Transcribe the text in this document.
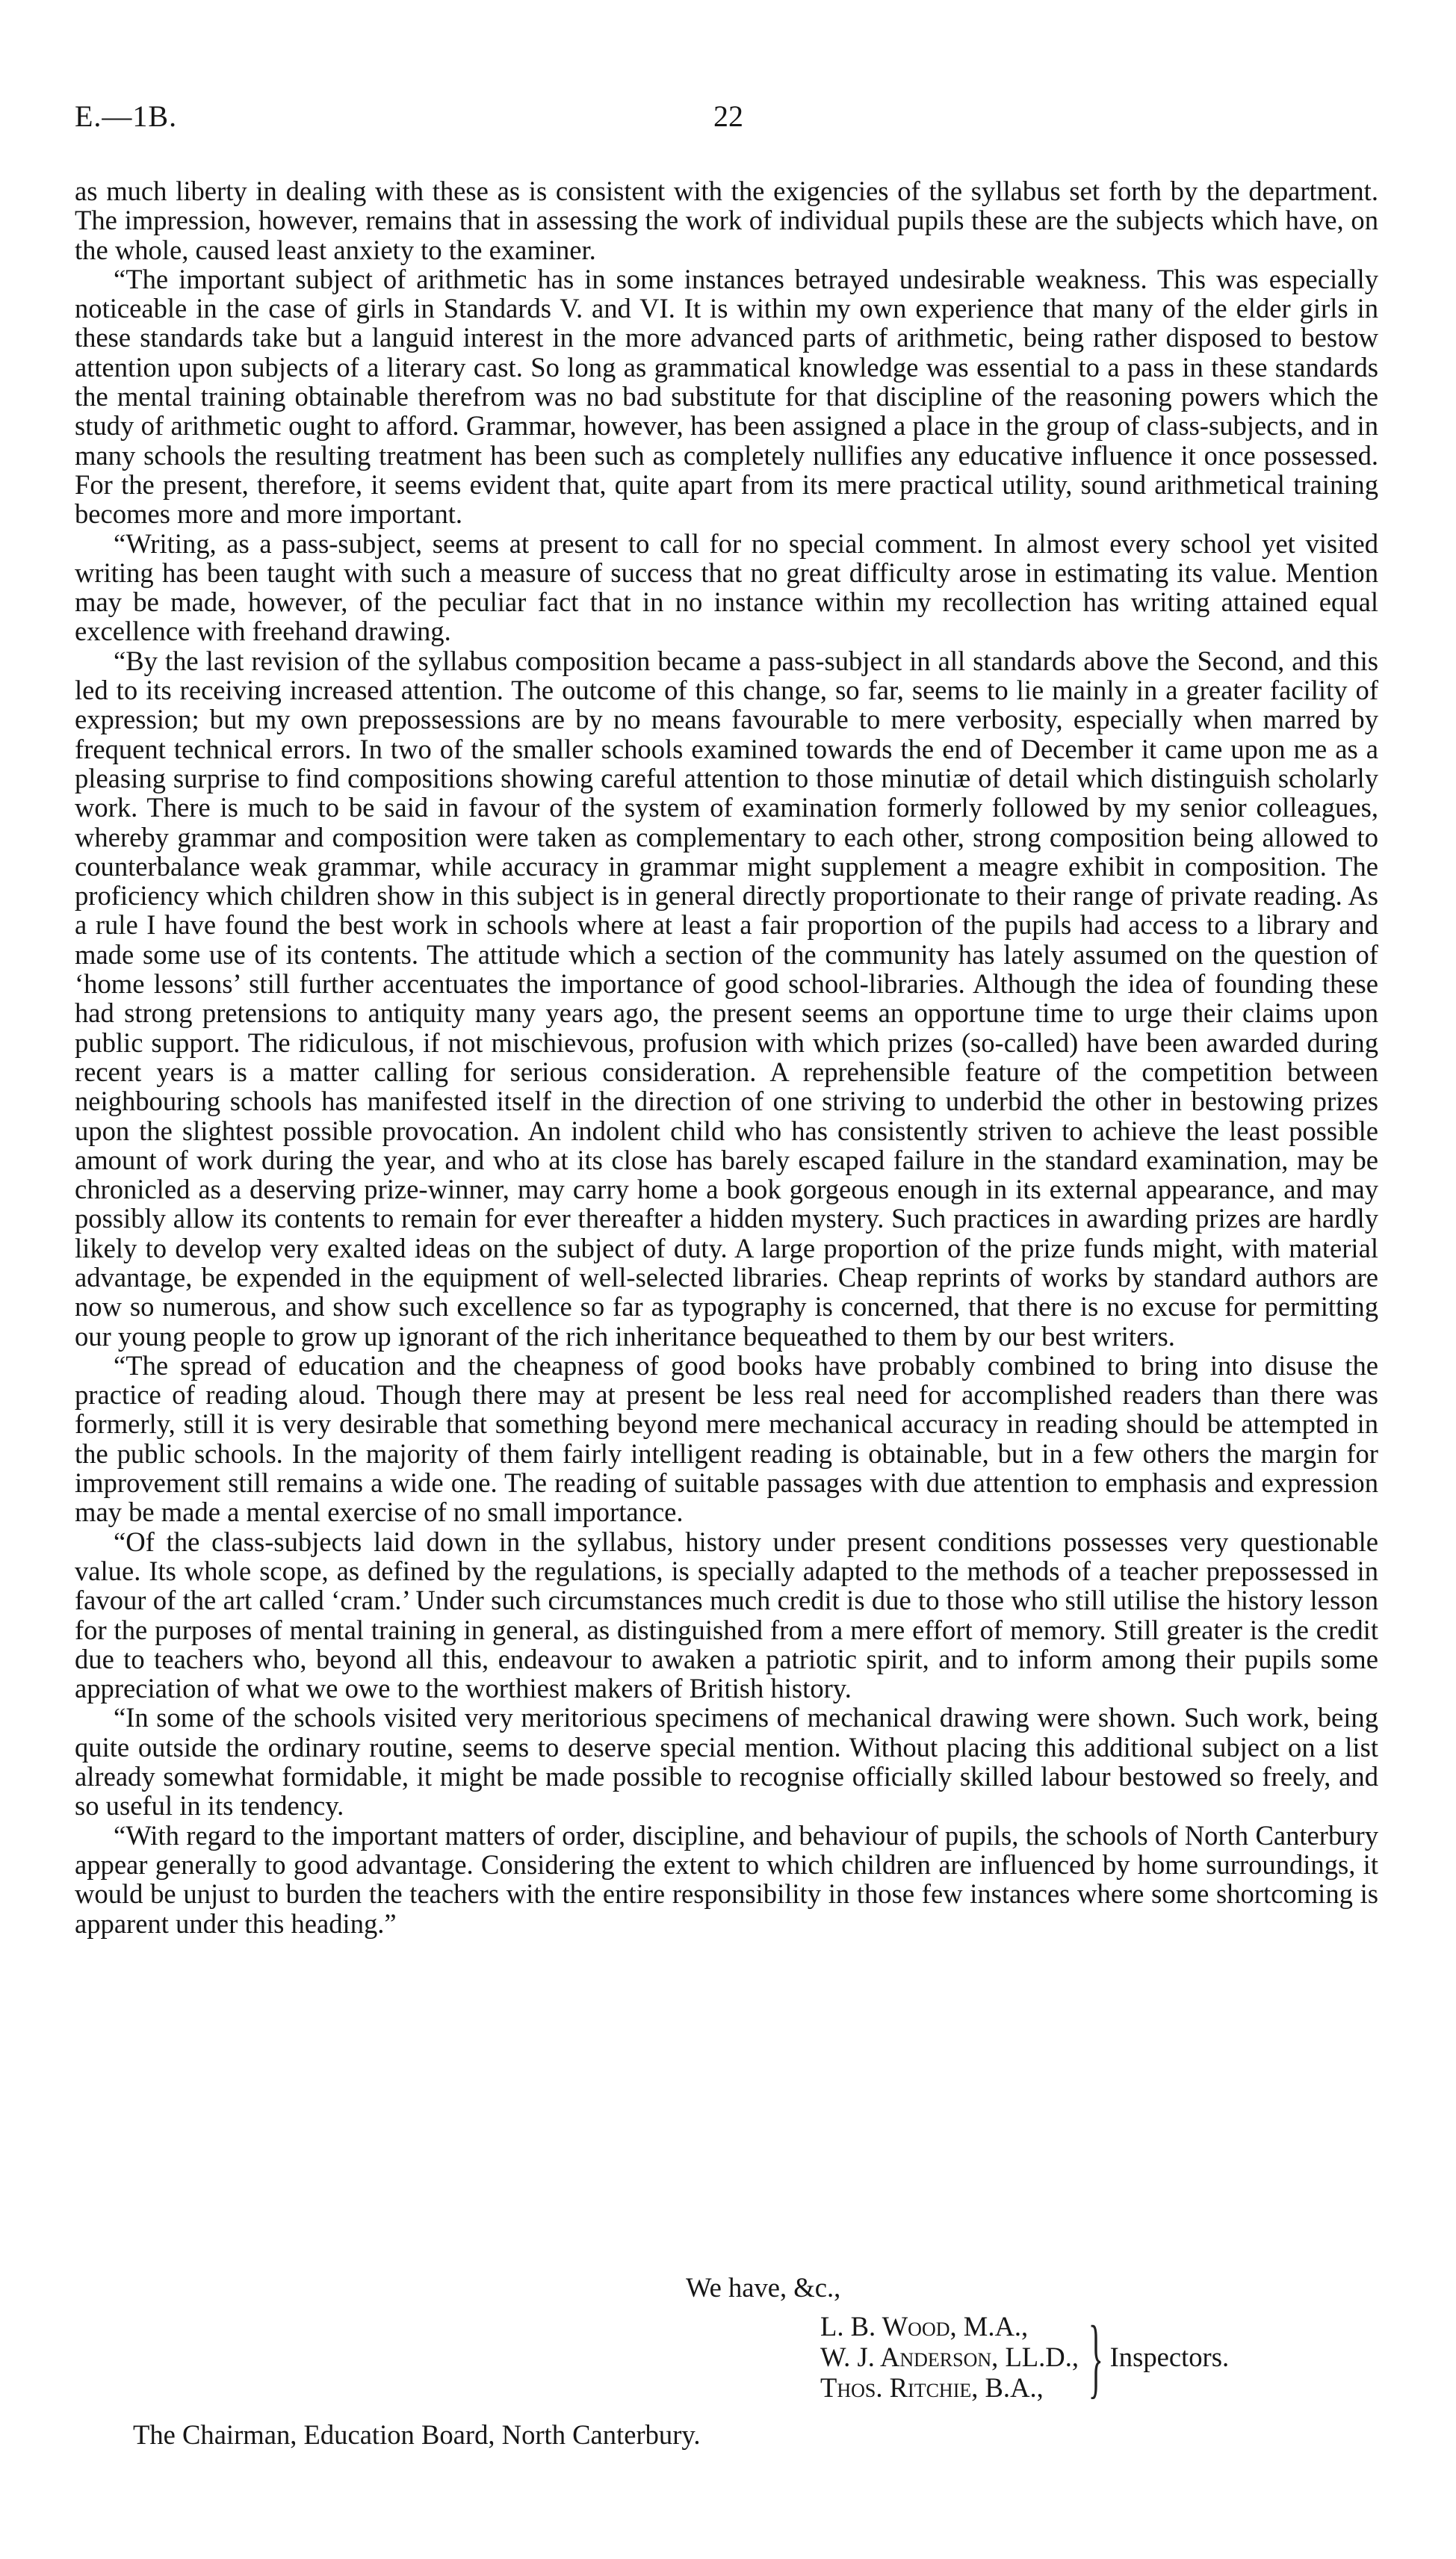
E.—1B.	22

as much liberty in dealing with these as is consistent with the exigencies of the syllabus set forth by the department. The impression, however, remains that in assessing the work of individual pupils these are the subjects which have, on the whole, caused least anxiety to the examiner.

“The important subject of arithmetic has in some instances betrayed undesirable weakness. This was especially noticeable in the case of girls in Standards V. and VI. It is within my own experience that many of the elder girls in these standards take but a languid interest in the more advanced parts of arithmetic, being rather disposed to bestow attention upon subjects of a literary cast. So long as grammatical knowledge was essential to a pass in these standards the mental training obtainable therefrom was no bad substitute for that discipline of the reasoning powers which the study of arithmetic ought to afford. Grammar, however, has been assigned a place in the group of class-subjects, and in many schools the resulting treatment has been such as completely nullifies any educative influence it once possessed. For the present, therefore, it seems evident that, quite apart from its mere practical utility, sound arithmetical training becomes more and more important.

“Writing, as a pass-subject, seems at present to call for no special comment. In almost every school yet visited writing has been taught with such a measure of success that no great difficulty arose in estimating its value. Mention may be made, however, of the peculiar fact that in no instance within my recollection has writing attained equal excellence with freehand drawing.

“By the last revision of the syllabus composition became a pass-subject in all standards above the Second, and this led to its receiving increased attention. The outcome of this change, so far, seems to lie mainly in a greater facility of expression; but my own prepossessions are by no means favourable to mere verbosity, especially when marred by frequent technical errors. In two of the smaller schools examined towards the end of December it came upon me as a pleasing surprise to find compositions showing careful attention to those minutiæ of detail which distinguish scholarly work. There is much to be said in favour of the system of examination formerly followed by my senior colleagues, whereby grammar and composition were taken as complementary to each other, strong composition being allowed to counterbalance weak grammar, while accuracy in grammar might supplement a meagre exhibit in composition. The proficiency which children show in this subject is in general directly proportionate to their range of private reading. As a rule I have found the best work in schools where at least a fair proportion of the pupils had access to a library and made some use of its contents. The attitude which a section of the community has lately assumed on the question of ‘home lessons’ still further accentuates the importance of good school-libraries. Although the idea of founding these had strong pretensions to antiquity many years ago, the present seems an opportune time to urge their claims upon public support. The ridiculous, if not mischievous, profusion with which prizes (so-called) have been awarded during recent years is a matter calling for serious consideration. A reprehensible feature of the competition between neighbouring schools has manifested itself in the direction of one striving to underbid the other in bestowing prizes upon the slightest possible provocation. An indolent child who has consistently striven to achieve the least possible amount of work during the year, and who at its close has barely escaped failure in the standard examination, may be chronicled as a deserving prize-winner, may carry home a book gorgeous enough in its external appearance, and may possibly allow its contents to remain for ever thereafter a hidden mystery. Such practices in awarding prizes are hardly likely to develop very exalted ideas on the subject of duty. A large proportion of the prize funds might, with material advantage, be expended in the equipment of well-selected libraries. Cheap reprints of works by standard authors are now so numerous, and show such excellence so far as typography is concerned, that there is no excuse for permitting our young people to grow up ignorant of the rich inheritance bequeathed to them by our best writers.

“The spread of education and the cheapness of good books have probably combined to bring into disuse the practice of reading aloud. Though there may at present be less real need for accomplished readers than there was formerly, still it is very desirable that something beyond mere mechanical accuracy in reading should be attempted in the public schools. In the majority of them fairly intelligent reading is obtainable, but in a few others the margin for improvement still remains a wide one. The reading of suitable passages with due attention to emphasis and expression may be made a mental exercise of no small importance.

“Of the class-subjects laid down in the syllabus, history under present conditions possesses very questionable value. Its whole scope, as defined by the regulations, is specially adapted to the methods of a teacher prepossessed in favour of the art called ‘cram.’ Under such circumstances much credit is due to those who still utilise the history lesson for the purposes of mental training in general, as distinguished from a mere effort of memory. Still greater is the credit due to teachers who, beyond all this, endeavour to awaken a patriotic spirit, and to inform among their pupils some appreciation of what we owe to the worthiest makers of British history.

“In some of the schools visited very meritorious specimens of mechanical drawing were shown. Such work, being quite outside the ordinary routine, seems to deserve special mention. Without placing this additional subject on a list already somewhat formidable, it might be made possible to recognise officially skilled labour bestowed so freely, and so useful in its tendency.

“With regard to the important matters of order, discipline, and behaviour of pupils, the schools of North Canterbury appear generally to good advantage. Considering the extent to which children are influenced by home surroundings, it would be unjust to burden the teachers with the entire responsibility in those few instances where some shortcoming is apparent under this heading.”

We have, &c.,
L. B. Wood, M.A.,
W. J. Anderson, LL.D.,
Thos. Ritchie, B.A., } Inspectors.
The Chairman, Education Board, North Canterbury.
